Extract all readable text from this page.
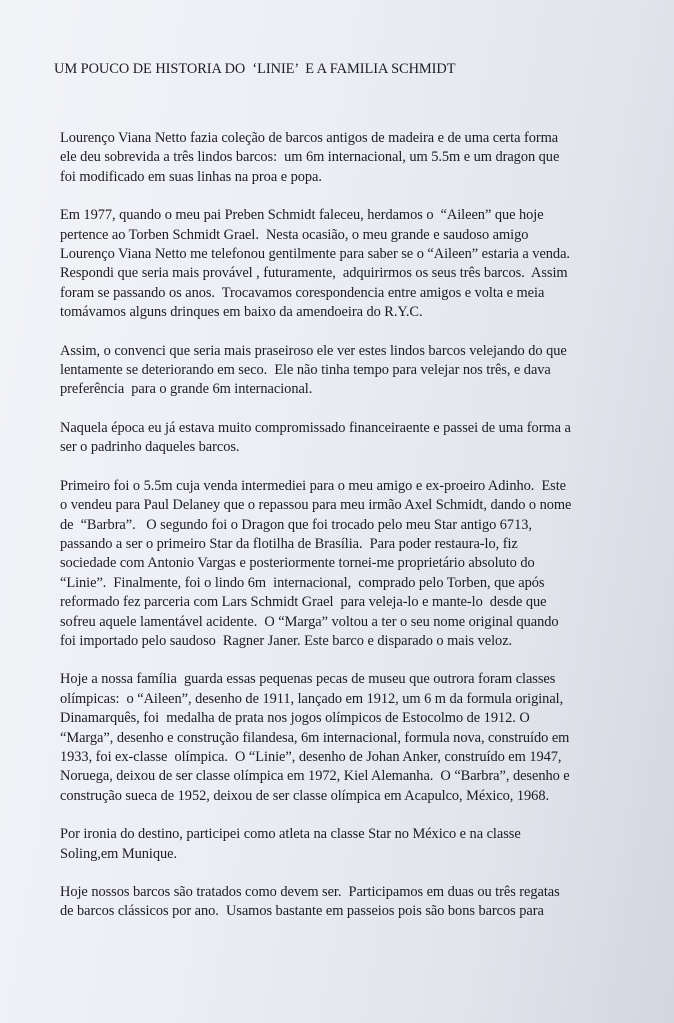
UM POUCO DE HISTORIA DO  ‘LINIE’  E A FAMILIA SCHMIDT
Lourenço Viana Netto fazia coleção de barcos antigos de madeira e de uma certa forma
ele deu sobrevida a três lindos barcos:  um 6m internacional, um 5.5m e um dragon que
foi modificado em suas linhas na proa e popa.
Em 1977, quando o meu pai Preben Schmidt faleceu, herdamos o  “Aileen” que hoje
pertence ao Torben Schmidt Grael.  Nesta ocasião, o meu grande e saudoso amigo
Lourenço Viana Netto me telefonou gentilmente para saber se o “Aileen” estaria a venda.
Respondi que seria mais provável , futuramente,  adquirirmos os seus três barcos.  Assim
foram se passando os anos.  Trocavamos corespondencia entre amigos e volta e meia
tomávamos alguns drinques em baixo da amendoeira do R.Y.C.
Assim, o convenci que seria mais praseiroso ele ver estes lindos barcos velejando do que
lentamente se deteriorando em seco.  Ele não tinha tempo para velejar nos três, e dava
preferência  para o grande 6m internacional.
Naquela época eu já estava muito compromissado financeiraente e passei de uma forma a
ser o padrinho daqueles barcos.
Primeiro foi o 5.5m cuja venda intermediei para o meu amigo e ex-proeiro Adinho.  Este
o vendeu para Paul Delaney que o repassou para meu irmão Axel Schmidt, dando o nome
de  “Barbra”.   O segundo foi o Dragon que foi trocado pelo meu Star antigo 6713,
passando a ser o primeiro Star da flotilha de Brasília.  Para poder restaura-lo, fiz
sociedade com Antonio Vargas e posteriormente tornei-me proprietário absoluto do
“Linie”.  Finalmente, foi o lindo 6m  internacional,  comprado pelo Torben, que após
reformado fez parceria com Lars Schmidt Grael  para veleja-lo e mante-lo  desde que
sofreu aquele lamentável acidente.  O “Marga” voltou a ter o seu nome original quando
foi importado pelo saudoso  Ragner Janer. Este barco e disparado o mais veloz.
Hoje a nossa família  guarda essas pequenas pecas de museu que outrora foram classes
olímpicas:  o “Aileen”, desenho de 1911, lançado em 1912, um 6 m da formula original,
Dinamarquês, foi  medalha de prata nos jogos olímpicos de Estocolmo de 1912. O
“Marga”, desenho e construção filandesa, 6m internacional, formula nova, construído em
1933, foi ex-classe  olímpica.  O “Linie”, desenho de Johan Anker, construído em 1947,
Noruega, deixou de ser classe olímpica em 1972, Kiel Alemanha.  O “Barbra”, desenho e
construção sueca de 1952, deixou de ser classe olímpica em Acapulco, México, 1968.
Por ironia do destino, participei como atleta na classe Star no México e na classe
Soling,em Munique.
Hoje nossos barcos são tratados como devem ser.  Participamos em duas ou três regatas
de barcos clássicos por ano.  Usamos bastante em passeios pois são bons barcos para
